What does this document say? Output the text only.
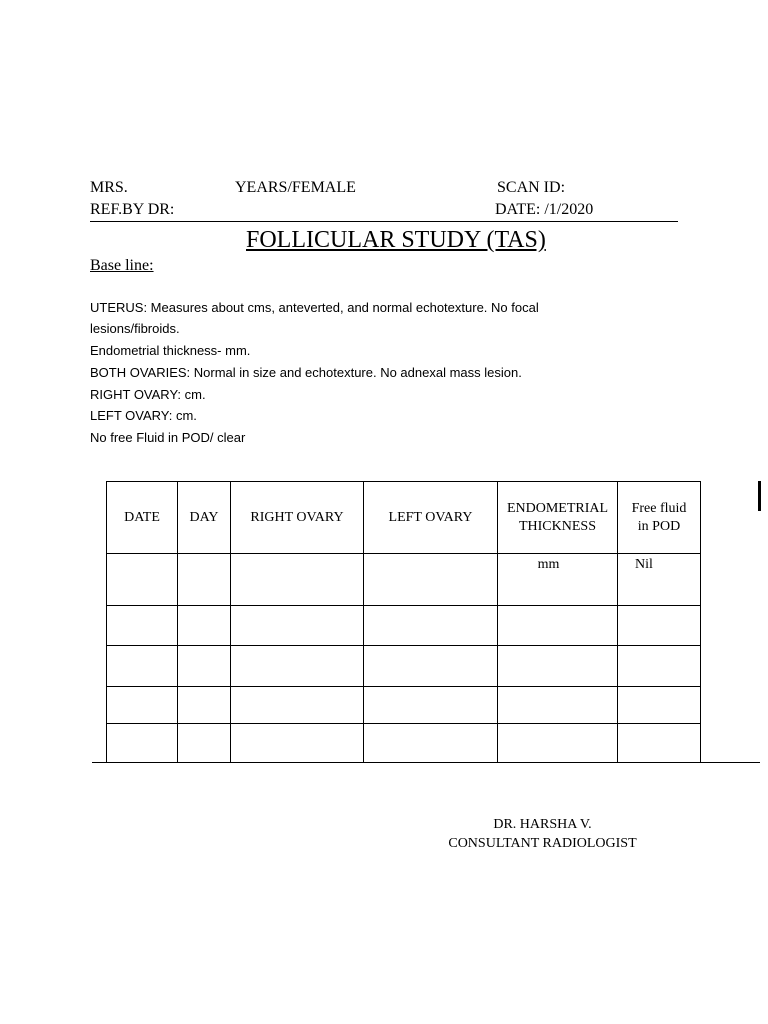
MRS.	YEARS/FEMALE	SCAN ID:
REF.BY DR:	DATE: /1/2020
FOLLICULAR STUDY (TAS)
Base line:
UTERUS: Measures about cms, anteverted, and normal echotexture. No focal
lesions/fibroids.
Endometrial thickness- mm.
BOTH OVARIES: Normal in size and echotexture. No adnexal mass lesion.
RIGHT OVARY: cm.
LEFT OVARY: cm.
No free Fluid in POD/ clear
DATE	DAY	RIGHT OVARY	LEFT OVARY	ENDOMETRIAL THICKNESS	Free fluid in POD

				mm	Nil

DR. HARSHA V.
CONSULTANT RADIOLOGIST
